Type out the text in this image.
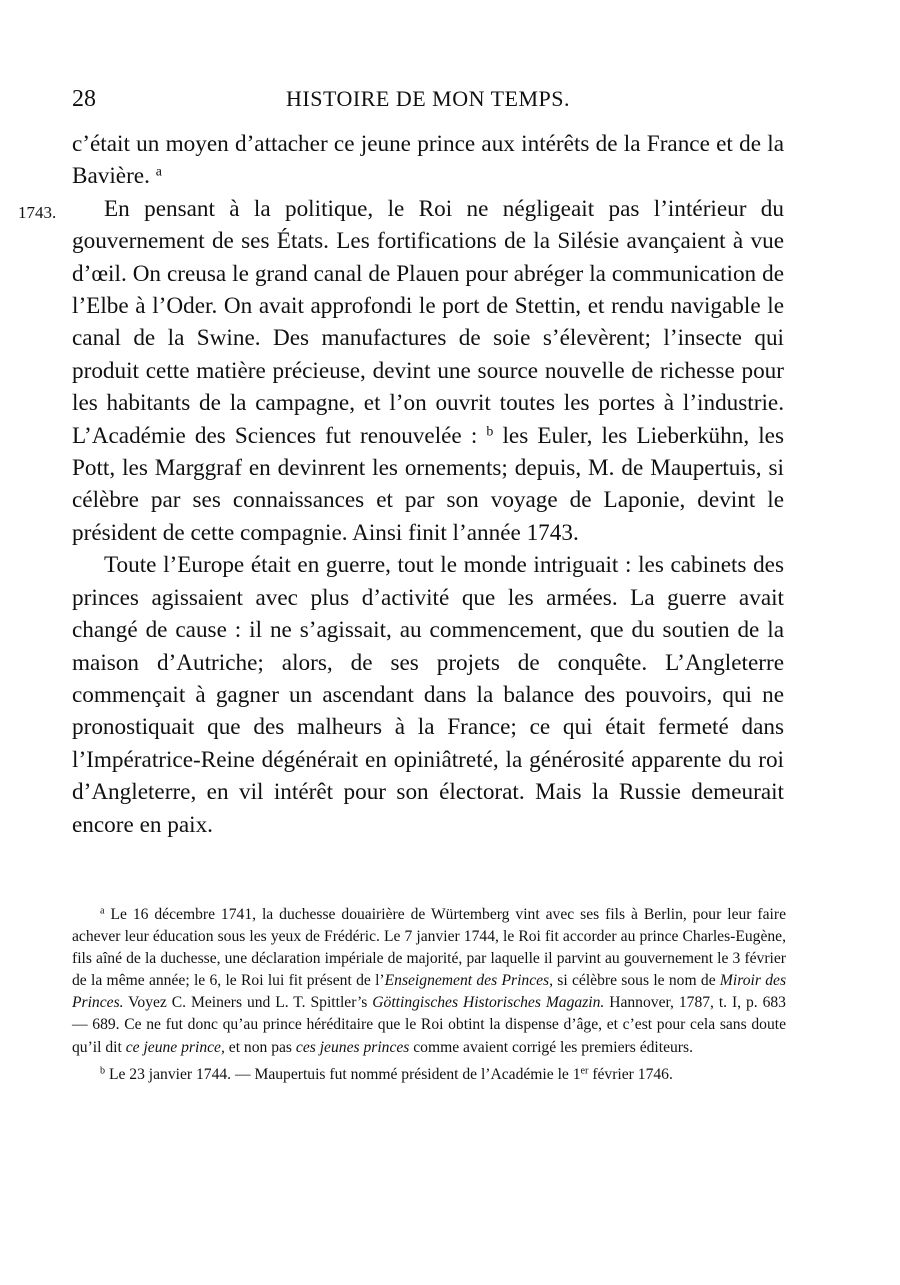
28	HISTOIRE DE MON TEMPS.
1743.

c’était un moyen d’attacher ce jeune prince aux intérêts de la France et de la Bavière. $^a$

En pensant à la politique, le Roi ne négligeait pas l’intérieur du gouvernement de ses États. Les fortifications de la Silésie avançaient à vue d’œil. On creusa le grand canal de Plauen pour abréger la communication de l’Elbe à l’Oder. On avait approfondi le port de Stettin, et rendu navigable le canal de la Swine. Des manufactures de soie s’élevèrent; l’insecte qui produit cette matière précieuse, devint une source nouvelle de richesse pour les habitants de la campagne, et l’on ouvrit toutes les portes à l’industrie. L’Académie des Sciences fut renouvelée : $^b$ les Euler, les Lieberkühn, les Pott, les Marggraf en devinrent les ornements; depuis, M. de Maupertuis, si célèbre par ses connaissances et par son voyage de Laponie, devint le président de cette compagnie. Ainsi finit l’année 1743.

Toute l’Europe était en guerre, tout le monde intriguait : les cabinets des princes agissaient avec plus d’activité que les armées. La guerre avait changé de cause : il ne s’agissait, au commencement, que du soutien de la maison d’Autriche; alors, de ses projets de conquête. L’Angleterre commençait à gagner un ascendant dans la balance des pouvoirs, qui ne pronostiquait que des malheurs à la France; ce qui était fermeté dans l’Impératrice-Reine dégénérait en opiniâtreté, la générosité apparente du roi d’Angleterre, en vil intérêt pour son électorat. Mais la Russie demeurait encore en paix.

$^a$ Le 16 décembre 1741, la duchesse douairière de Würtemberg vint avec ses fils à Berlin, pour leur faire achever leur éducation sous les yeux de Frédéric. Le 7 janvier 1744, le Roi fit accorder au prince Charles-Eugène, fils aîné de la duchesse, une déclaration impériale de majorité, par laquelle il parvint au gouvernement le 3 février de la même année; le 6, le Roi lui fit présent de l’Enseignement des Princes, si célèbre sous le nom de Miroir des Princes. Voyez C. Meiners und L. T. Spittler’s Göttingisches Historisches Magazin. Hannover, 1787, t. I, p. 683 — 689. Ce ne fut donc qu’au prince héréditaire que le Roi obtint la dispense d’âge, et c’est pour cela sans doute qu’il dit ce jeune prince, et non pas ces jeunes princes comme avaient corrigé les premiers éditeurs.

$^b$ Le 23 janvier 1744. — Maupertuis fut nommé président de l’Académie le 1er février 1746.
